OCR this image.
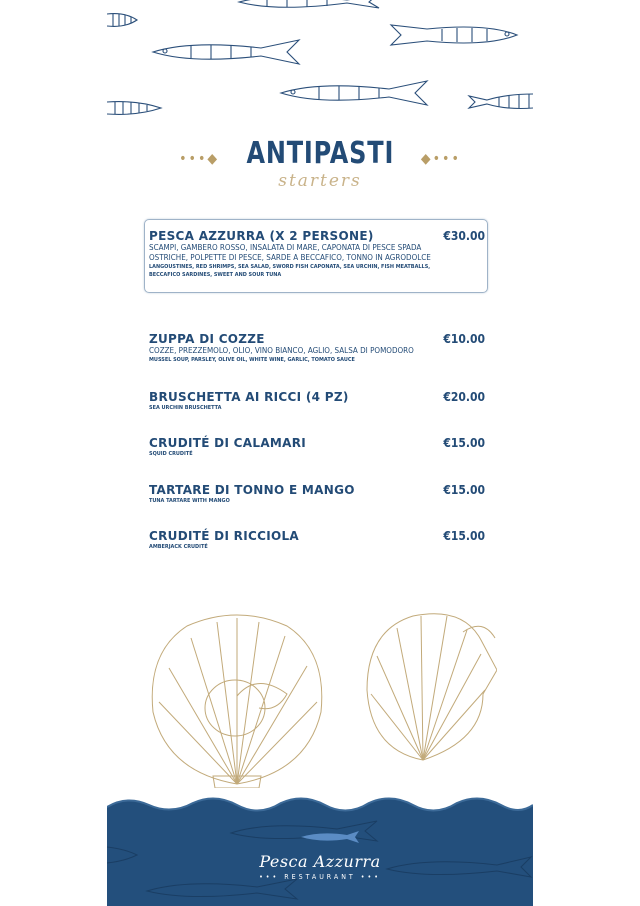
•••◆ ANTIPASTI ◆•••
starters
PESCA AZZURRA (X 2 PERSONE)	€30.00
SCAMPI, GAMBERO ROSSO, INSALATA DI MARE, CAPONATA DI PESCE SPADA
OSTRICHE, POLPETTE DI PESCE, SARDE A BECCAFICO, TONNO IN AGRODOLCE
LANGOUSTINES, RED SHRIMPS, SEA SALAD, SWORD FISH CAPONATA, SEA URCHIN, FISH MEATBALLS,
BECCAFICO SARDINES, SWEET AND SOUR TUNA
ZUPPA DI COZZE	€10.00
COZZE, PREZZEMOLO, OLIO, VINO BIANCO, AGLIO, SALSA DI POMODORO
MUSSEL SOUP, PARSLEY, OLIVE OIL, WHITE WINE, GARLIC, TOMATO SAUCE
BRUSCHETTA AI RICCI (4 PZ)	€20.00
SEA URCHIN BRUSCHETTA
CRUDITÉ DI CALAMARI	€15.00
SQUID CRUDITÉ
TARTARE DI TONNO E MANGO	€15.00
TUNA TARTARE WITH MANGO
CRUDITÉ DI RICCIOLA	€15.00
AMBERJACK CRUDITÉ
Pesca Azzurra
••• RESTAURANT •••
